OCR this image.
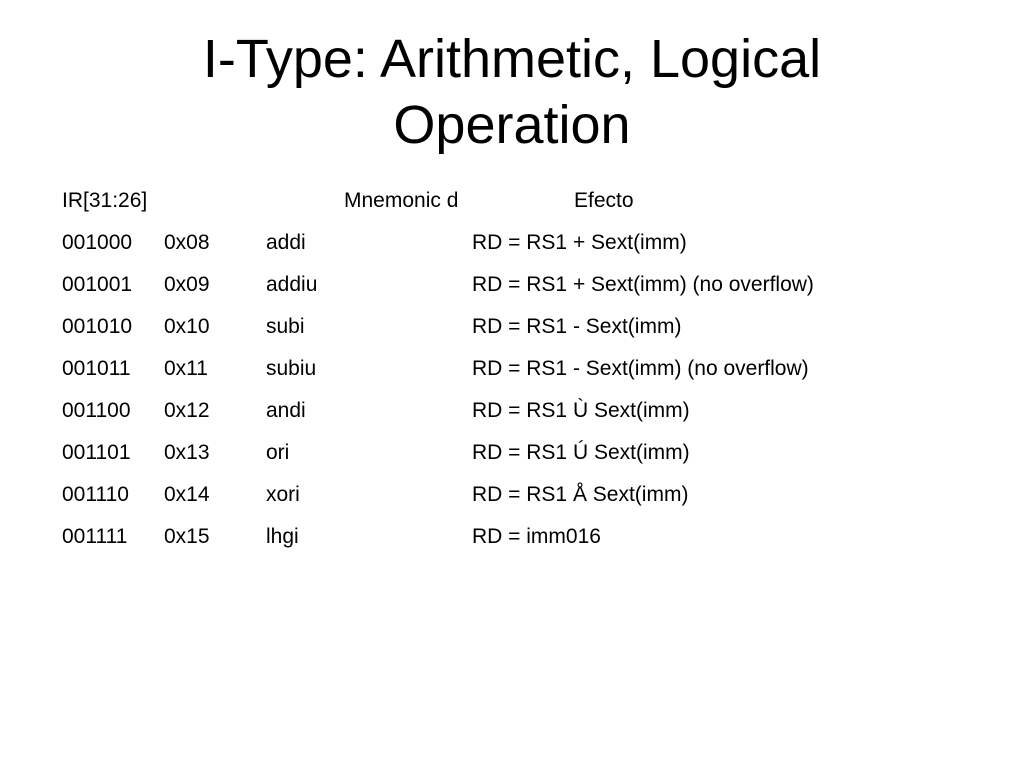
I-Type: Arithmetic, Logical
Operation
IR[31:26]	Mnemonic d	Efecto
001000 0x08	addi	RD = RS1 + Sext(imm)
001001 0x09	addiu	RD = RS1 + Sext(imm) (no overflow)
001010 0x10	subi	RD = RS1 - Sext(imm)
001011 0x11	subiu	RD = RS1 - Sext(imm) (no overflow)
001100 0x12	andi	RD = RS1 Ù Sext(imm)
001101 0x13	ori	RD = RS1 Ú Sext(imm)
001110 0x14	xori	RD = RS1 Å Sext(imm)
001111 0x15	lhgi	RD = imm016
